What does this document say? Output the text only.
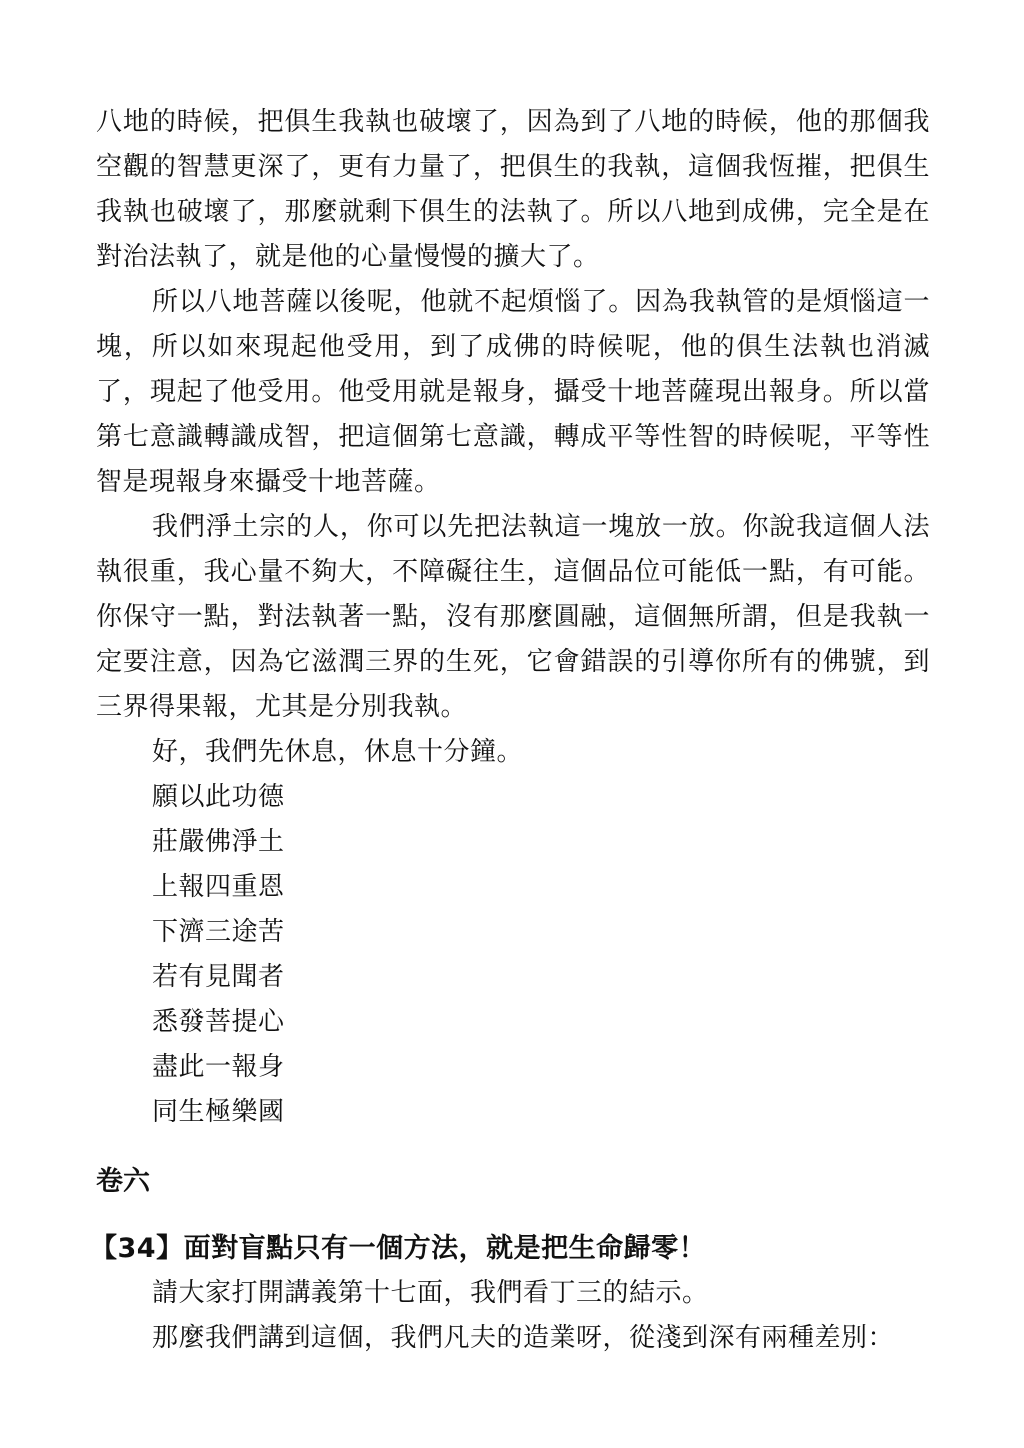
八地的時候，把俱生我執也破壞了，因為到了八地的時候，他的那個我空觀的智慧更深了，更有力量了，把俱生的我執，這個我恆摧，把俱生我執也破壞了，那麼就剩下俱生的法執了。所以八地到成佛，完全是在對治法執了，就是他的心量慢慢的擴大了。

所以八地菩薩以後呢，他就不起煩惱了。因為我執管的是煩惱這一塊，所以如來現起他受用，到了成佛的時候呢，他的俱生法執也消滅了，現起了他受用。他受用就是報身，攝受十地菩薩現出報身。所以當第七意識轉識成智，把這個第七意識，轉成平等性智的時候呢，平等性智是現報身來攝受十地菩薩。

我們淨土宗的人，你可以先把法執這一塊放一放。你說我這個人法執很重，我心量不夠大，不障礙往生，這個品位可能低一點，有可能。你保守一點，對法執著一點，沒有那麼圓融，這個無所謂，但是我執一定要注意，因為它滋潤三界的生死，它會錯誤的引導你所有的佛號，到三界得果報，尤其是分別我執。

好，我們先休息，休息十分鐘。

願以此功德

莊嚴佛淨土

上報四重恩

下濟三途苦

若有見聞者

悉發菩提心

盡此一報身

同生極樂國

卷六
【34】面對盲點只有一個方法，就是把生命歸零！

請大家打開講義第十七面，我們看丁三的結示。

那麼我們講到這個，我們凡夫的造業呀，從淺到深有兩種差別：
